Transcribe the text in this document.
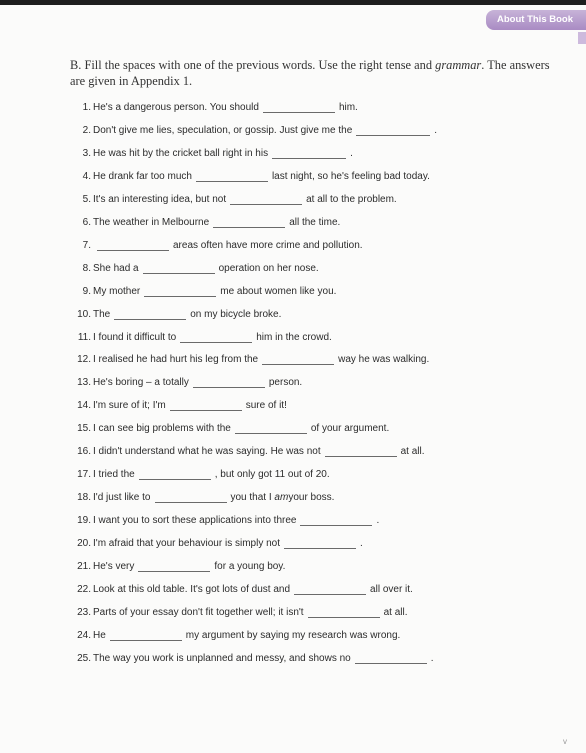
About This Book
B. Fill the spaces with one of the previous words. Use the right tense and grammar. The answers are given in Appendix 1.
1. He's a dangerous person. You should	him.
2. Don't give me lies, speculation, or gossip. Just give me the	.
3. He was hit by the cricket ball right in his	.
4. He drank far too much	last night, so he's feeling bad today.
5. It's an interesting idea, but not	at all to the problem.
6. The weather in Melbourne	all the time.
7.	areas often have more crime and pollution.
8. She had a	operation on her nose.
9. My mother	me about women like you.
10. The	on my bicycle broke.
11. I found it difficult to	him in the crowd.
12. I realised he had hurt his leg from the	way he was walking.
13. He's boring – a totally	person.
14. I'm sure of it; I'm	sure of it!
15. I can see big problems with the	of your argument.
16. I didn't understand what he was saying. He was not	at all.
17. I tried the	, but only got 11 out of 20.
18. I'd just like to	you that I am your boss.
19. I want you to sort these applications into three	.
20. I'm afraid that your behaviour is simply not	.
21. He's very	for a young boy.
22. Look at this old table. It's got lots of dust and	all over it.
23. Parts of your essay don't fit together well; it isn't	at all.
24. He	my argument by saying my research was wrong.
25. The way you work is unplanned and messy, and shows no	.
v
